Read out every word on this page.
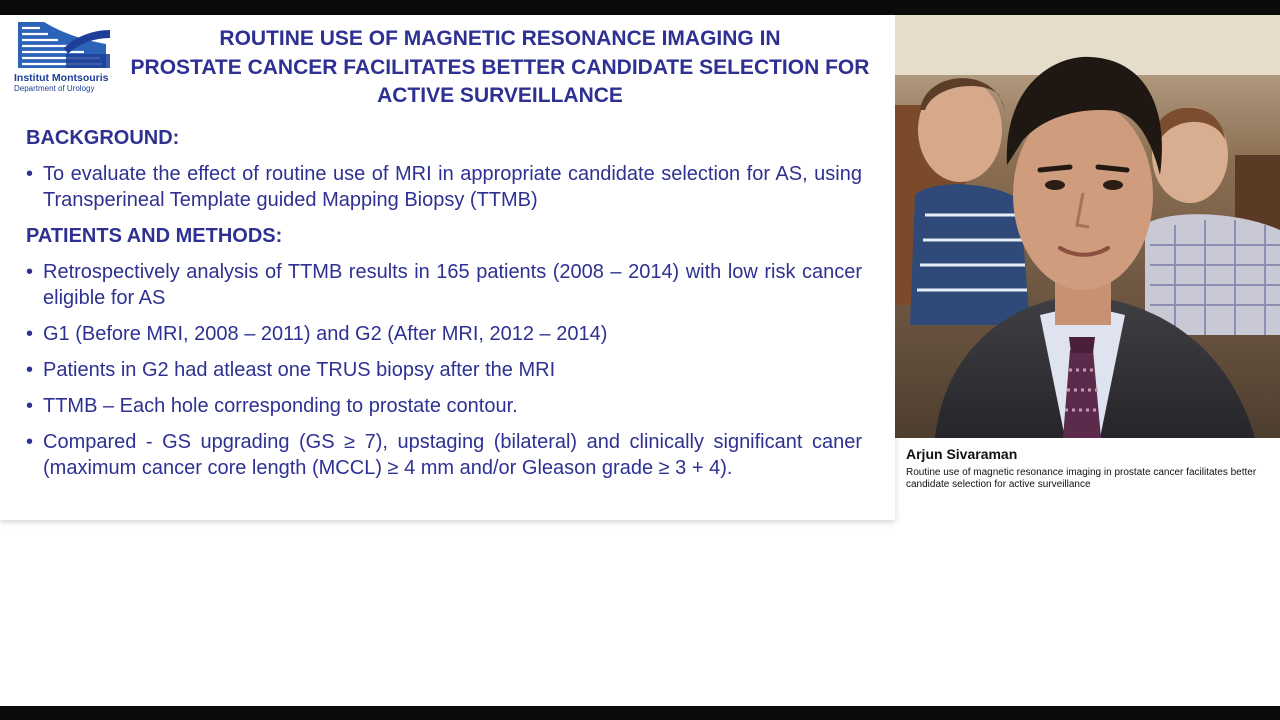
Institut Montsouris
Department of Urology
ROUTINE USE OF MAGNETIC RESONANCE IMAGING IN
PROSTATE CANCER FACILITATES BETTER CANDIDATE SELECTION FOR
ACTIVE SURVEILLANCE
BACKGROUND:
• To evaluate the effect of routine use of MRI in appropriate candidate selection for AS, using Transperineal Template guided Mapping Biopsy (TTMB)
PATIENTS AND METHODS:
• Retrospectively analysis of TTMB results in 165 patients (2008 – 2014) with low risk cancer eligible for AS
• G1 (Before MRI, 2008 – 2011) and G2 (After MRI, 2012 – 2014)
• Patients in G2 had atleast one TRUS biopsy after the MRI
• TTMB – Each hole corresponding to prostate contour.
• Compared - GS upgrading (GS ≥ 7), upstaging (bilateral) and clinically significant caner (maximum cancer core length (MCCL) ≥ 4 mm and/or Gleason grade ≥ 3 + 4).
Arjun Sivaraman
Routine use of magnetic resonance imaging in prostate cancer facilitates better candidate selection for active surveillance
